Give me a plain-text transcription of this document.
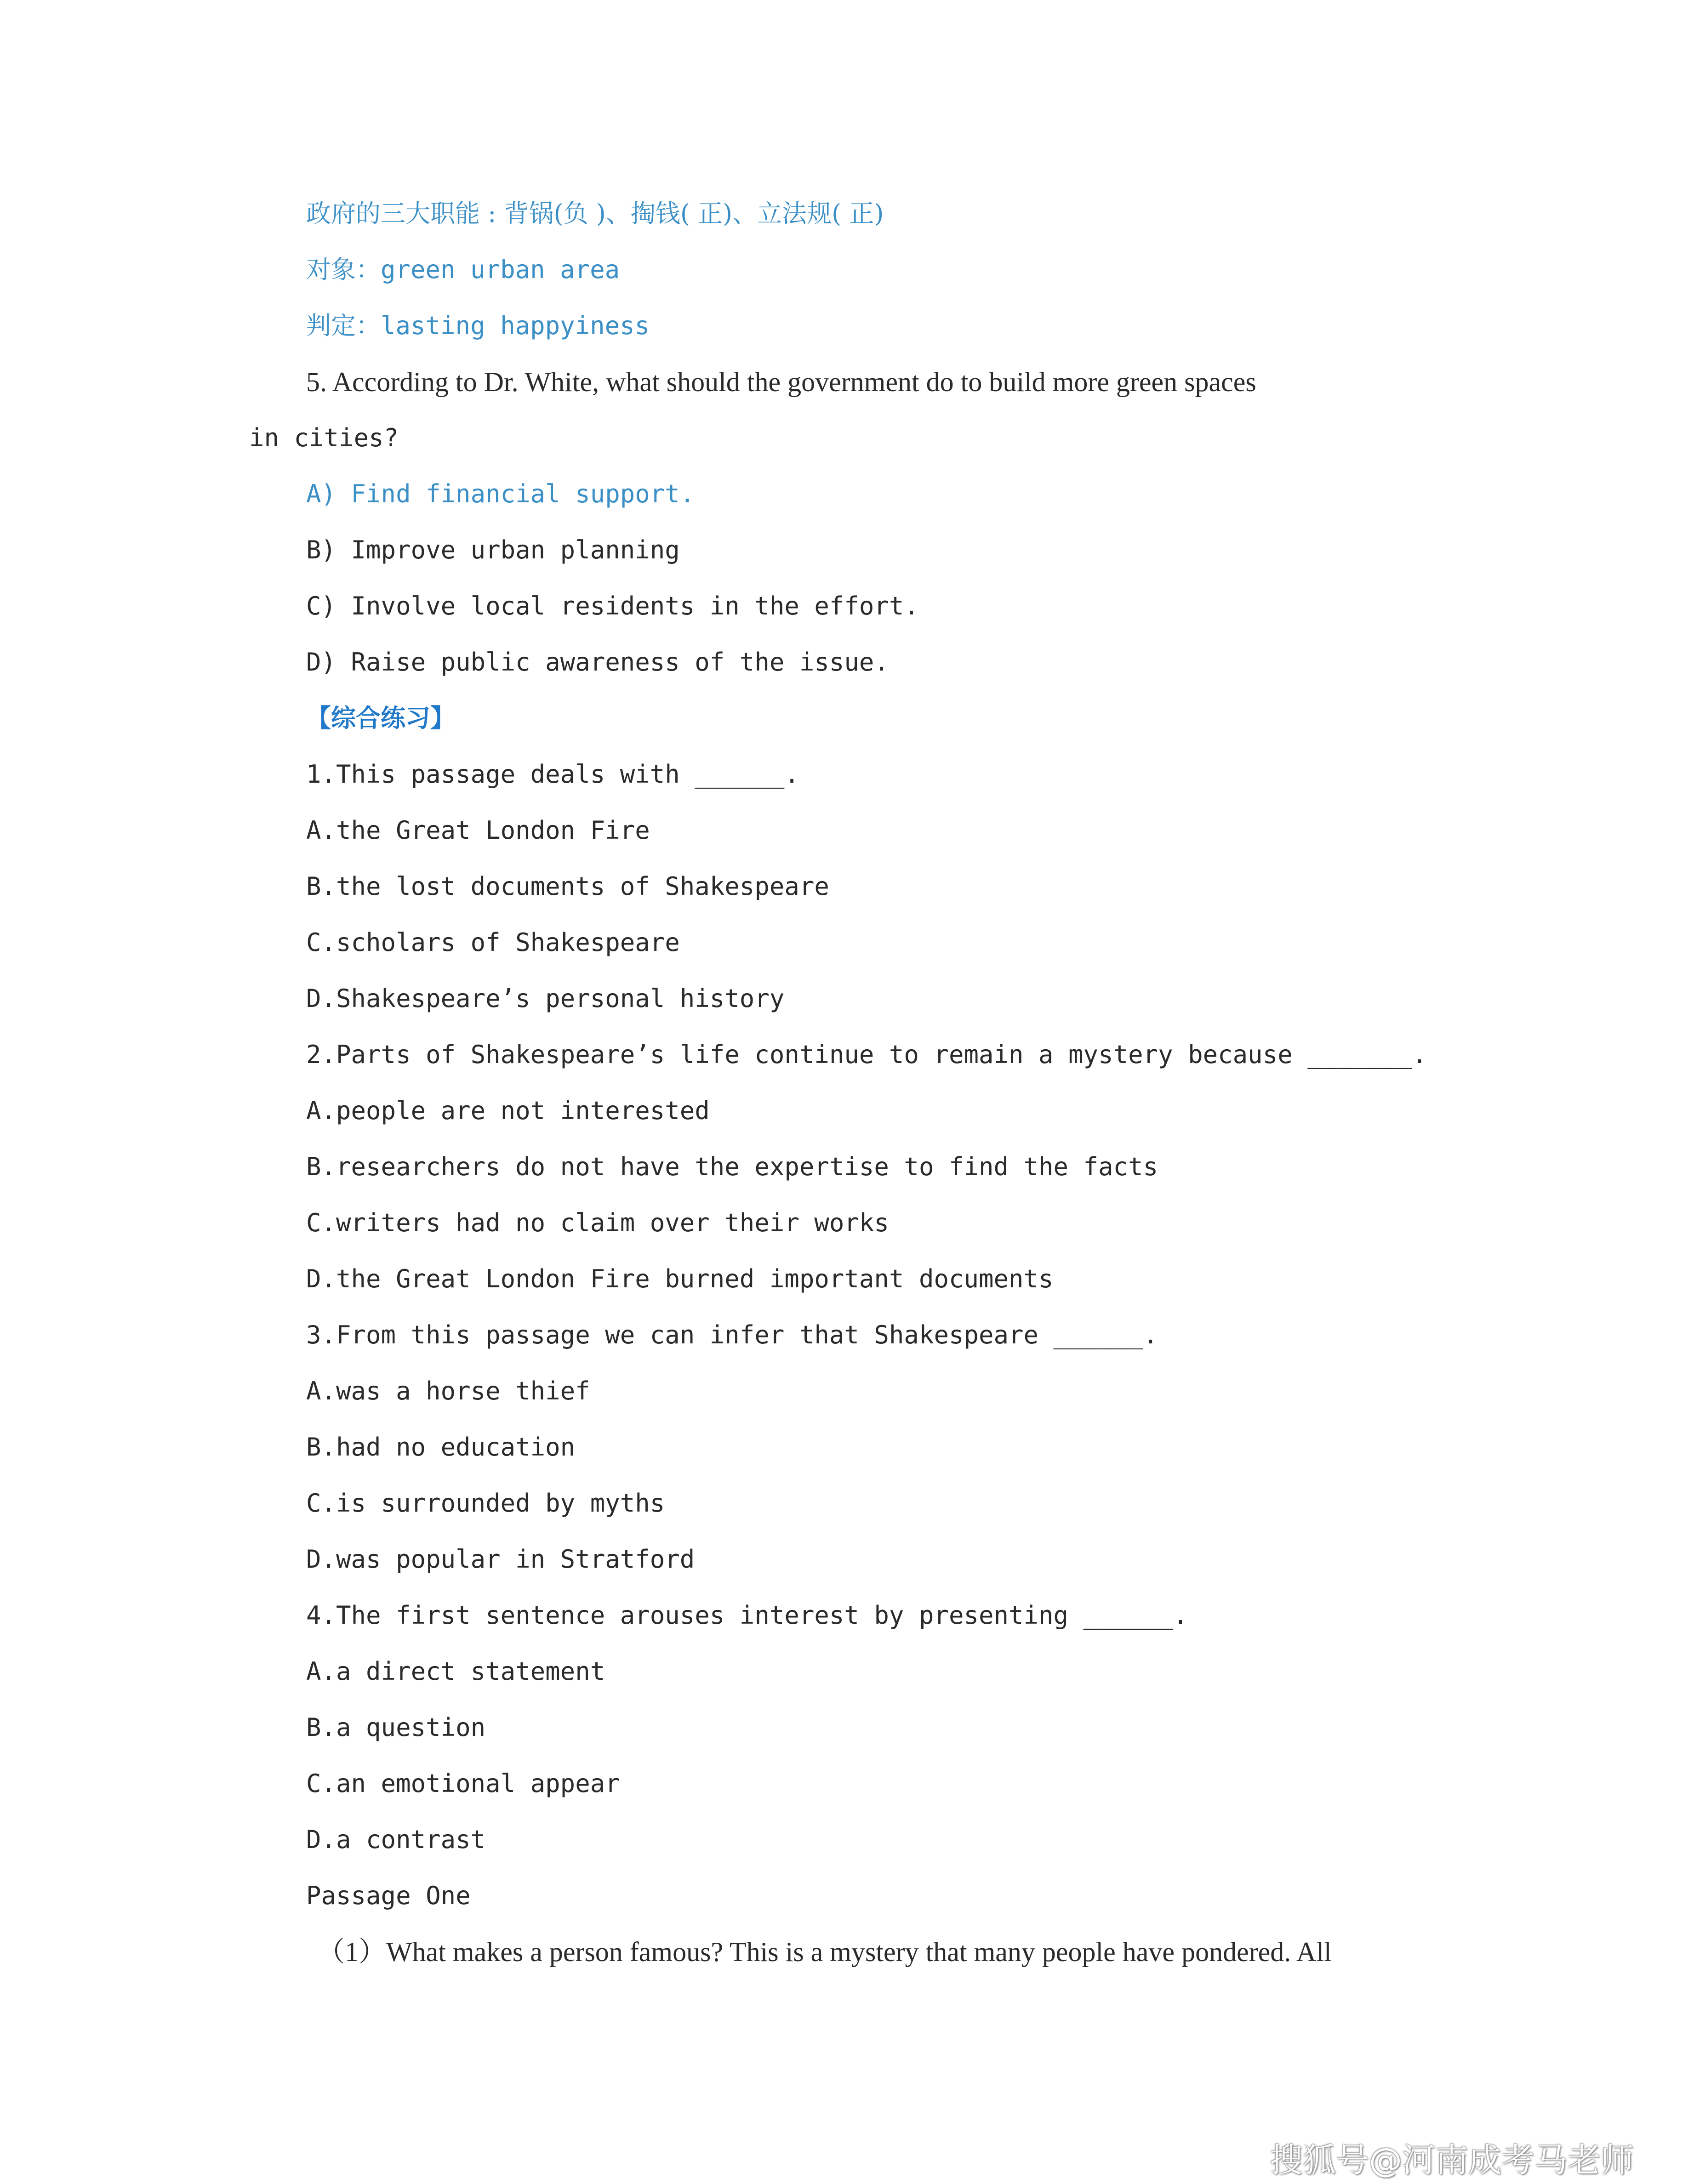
政府的三大职能 : 背锅(负 )、掏钱( 正)、立法规( 正)
对象：green urban area
判定：lasting happyiness
5. According to Dr. White, what should the government do to build more green spaces
in cities?
A) Find financial support.
B) Improve urban planning
C) Involve local residents in the effort.
D) Raise public awareness of the issue.
【综合练习】
1.This passage deals with ______.
A.the Great London Fire
B.the lost documents of Shakespeare
C.scholars of Shakespeare
D.Shakespeare’s personal history
2.Parts of Shakespeare’s life continue to remain a mystery because _______.
A.people are not interested
B.researchers do not have the expertise to find the facts
C.writers had no claim over their works
D.the Great London Fire burned important documents
3.From this passage we can infer that Shakespeare ______.
A.was a horse thief
B.had no education
C.is surrounded by myths
D.was popular in Stratford
4.The first sentence arouses interest by presenting ______.
A.a direct statement
B.a question
C.an emotional appear
D.a contrast
Passage One
（1）What makes a person famous? This is a mystery that many people have pondered. All
搜狐号@河南成考马老师
